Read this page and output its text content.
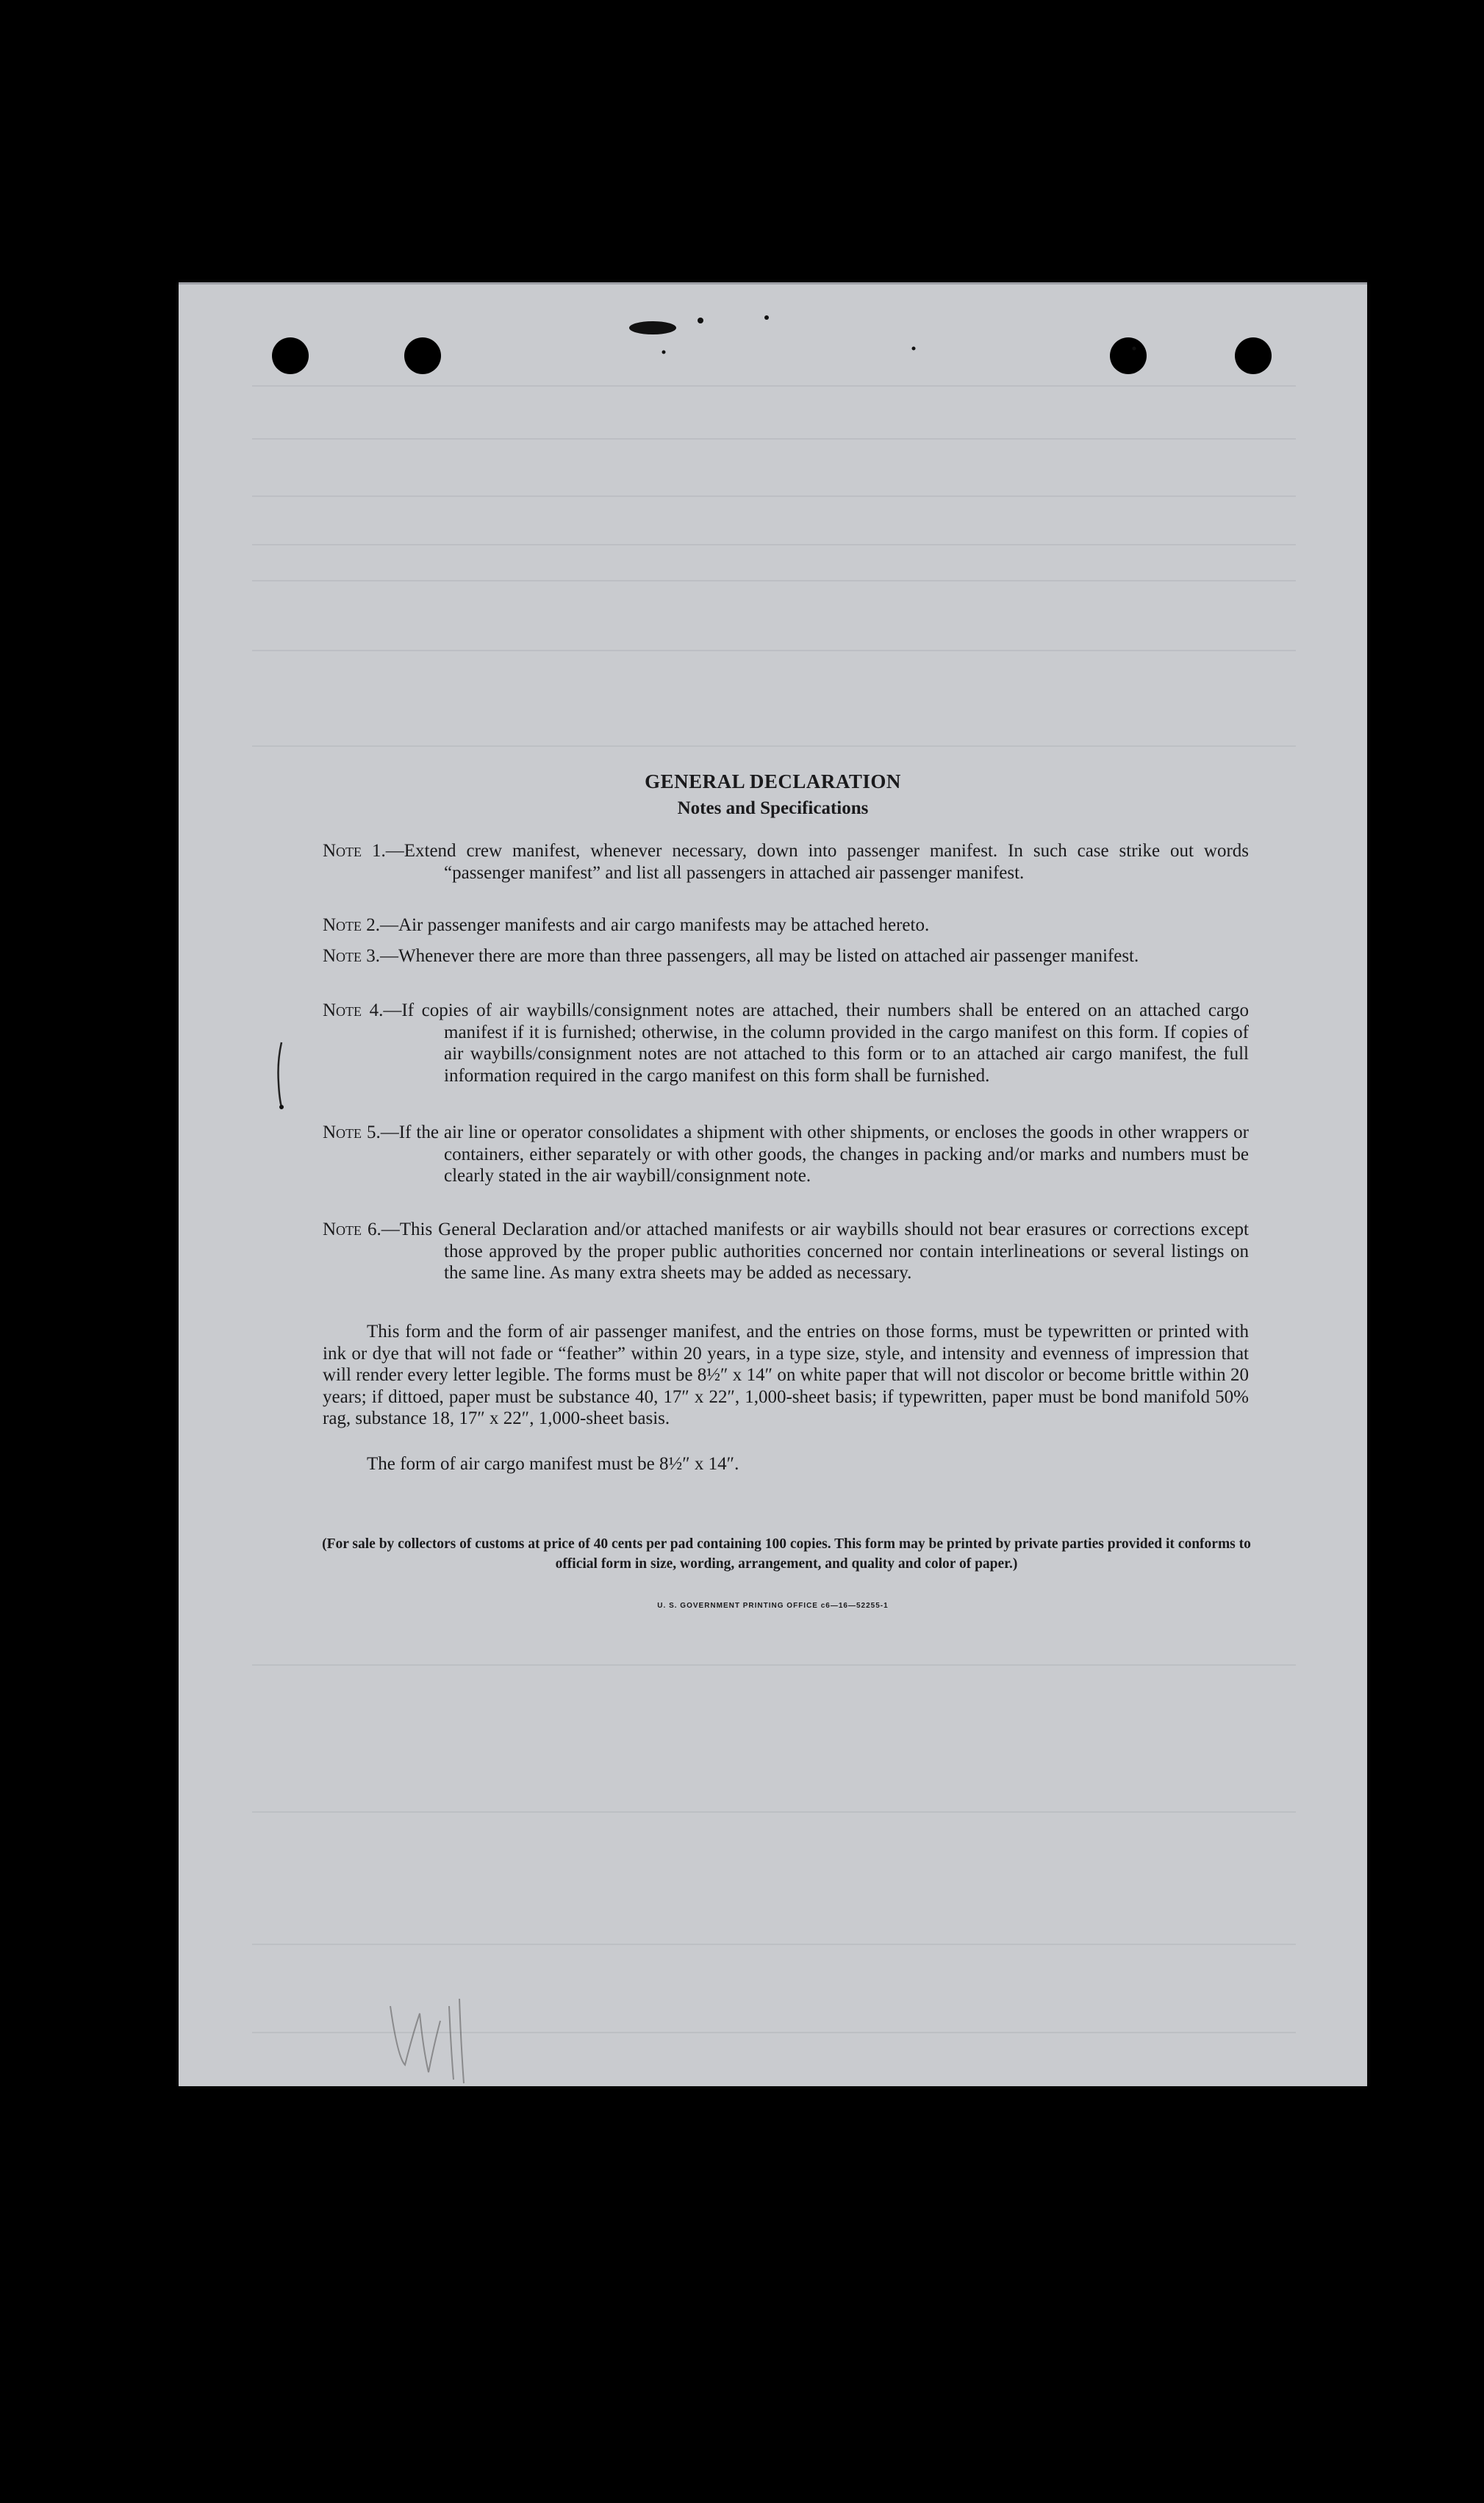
GENERAL DECLARATION
Notes and Specifications
Note 1.—Extend crew manifest, whenever necessary, down into passenger manifest. In such case strike out words “passenger manifest” and list all passengers in attached air passenger manifest.
Note 2.—Air passenger manifests and air cargo manifests may be attached hereto.
Note 3.—Whenever there are more than three passengers, all may be listed on attached air passenger manifest.
Note 4.—If copies of air waybills/consignment notes are attached, their numbers shall be entered on an attached cargo manifest if it is furnished; otherwise, in the column provided in the cargo manifest on this form. If copies of air waybills/consignment notes are not attached to this form or to an attached air cargo manifest, the full information required in the cargo manifest on this form shall be furnished.
Note 5.—If the air line or operator consolidates a shipment with other shipments, or encloses the goods in other wrappers or containers, either separately or with other goods, the changes in packing and/or marks and numbers must be clearly stated in the air waybill/consignment note.
Note 6.—This General Declaration and/or attached manifests or air waybills should not bear erasures or corrections except those approved by the proper public authorities concerned nor contain interlineations or several listings on the same line. As many extra sheets may be added as necessary.
This form and the form of air passenger manifest, and the entries on those forms, must be typewritten or printed with ink or dye that will not fade or “feather” within 20 years, in a type size, style, and intensity and evenness of impression that will render every letter legible. The forms must be 8½″ x 14″ on white paper that will not discolor or become brittle within 20 years; if dittoed, paper must be substance 40, 17″ x 22″, 1,000-sheet basis; if typewritten, paper must be bond manifold 50% rag, substance 18, 17″ x 22″, 1,000-sheet basis.
The form of air cargo manifest must be 8½″ x 14″.
(For sale by collectors of customs at price of 40 cents per pad containing 100 copies. This form may be printed by private parties provided it conforms to official form in size, wording, arrangement, and quality and color of paper.)
U. S. GOVERNMENT PRINTING OFFICE c6—16—52255-1
